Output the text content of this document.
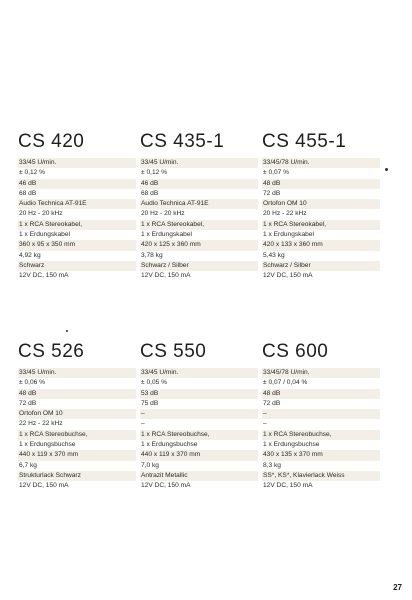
CS 420
33/45 U/min.
± 0,12 %
46 dB
68 dB
Audio Technica AT-91E
20 Hz - 20 kHz
1 x RCA Stereokabel,
1 x Erdungskabel
360 x 95 x 350 mm
4,92 kg
Schwarz
12V DC, 150 mA
CS 435-1
33/45 U/min.
± 0,12 %
46 dB
68 dB
Audio Technica AT-91E
20 Hz - 20 kHz
1 x RCA Stereokabel,
1 x Erdungskabel
420 x 125 x 360 mm
3,78 kg
Schwarz / Silber
12V DC, 150 mA
CS 455-1
33/45/78 U/min.
± 0,07 %
48 dB
72 dB
Ortofon OM 10
20 Hz - 22 kHz
1 x RCA Stereokabel,
1 x Erdungskabel
420 x 133 x 360 mm
5,43 kg
Schwarz / Silber
12V DC, 150 mA
CS 526
33/45 U/min.
± 0,06 %
48 dB
72 dB
Ortofon OM 10
22 Hz - 22 kHz
1 x RCA Stereobuchse,
1 x Erdungsbuchse
440 x 119 x 370 mm
6,7 kg
Strukturlack Schwarz
12V DC, 150 mA
CS 550
33/45 U/min.
± 0,05 %
53 dB
75 dB
–
–
1 x RCA Stereobuchse,
1 x Erdungsbuchse
440 x 119 x 370 mm
7,0 kg
Antrazit Metallic
12V DC, 150 mA
CS 600
33/45/78 U/min.
± 0,07 / 0,04 %
48 dB
72 dB
–
–
1 x RCA Stereobuchse,
1 x Erdungsbuchse
430 x 135 x 370 mm
8,3 kg
SS*, KS*, Klavierlack Weiss
12V DC, 150 mA
27
